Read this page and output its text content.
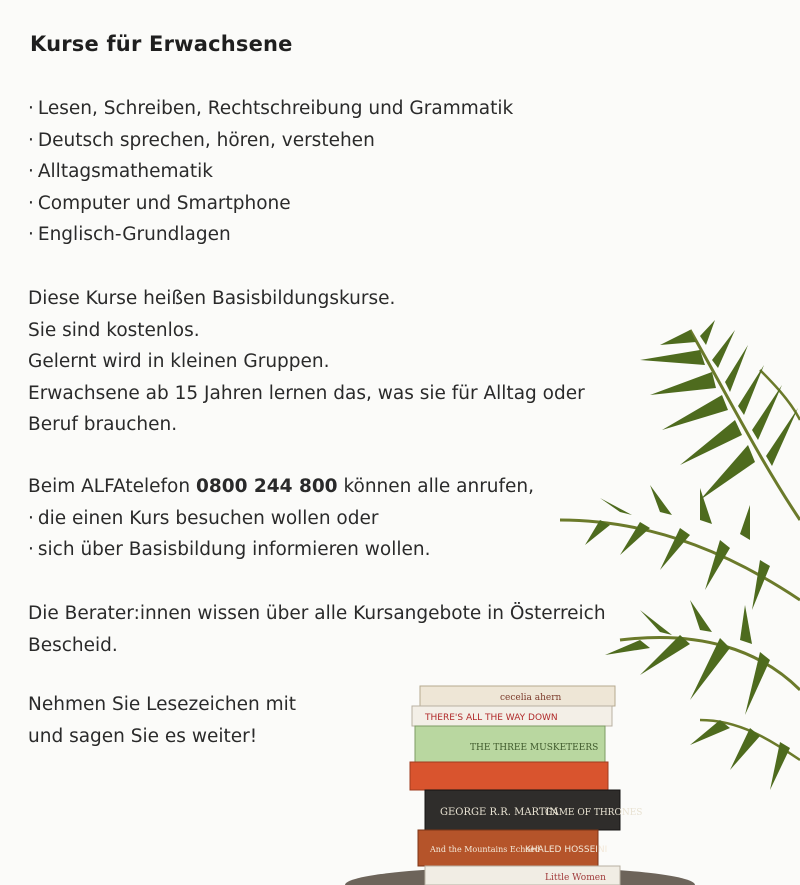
Kurse für Erwachsene

· Lesen, Schreiben, Rechtschreibung und Grammatik

· Deutsch sprechen, hören, verstehen

· Alltagsmathematik

· Computer und Smartphone

· Englisch-Grundlagen

Diese Kurse heißen Basisbildungskurse.

Sie sind kostenlos.

Gelernt wird in kleinen Gruppen.

Erwachsene ab 15 Jahren lernen das, was sie für Alltag oder

Beruf brauchen.

Beim ALFAtelefon 0800 244 800 können alle anrufen,

· die einen Kurs besuchen wollen oder

· sich über Basisbildung informieren wollen.

Die Berater:innen wissen über alle Kursangebote in Österreich

Bescheid.

Nehmen Sie Lesezeichen mit

und sagen Sie es weiter!

cecelia ahern
THERE'S ALL THE WAY DOWN
THE THREE MUSKETEERS
GEORGE R.R. MARTIN
GAME OF THRONES
KHALED HOSSEINI
And the Mountains Echoed
Little Women
